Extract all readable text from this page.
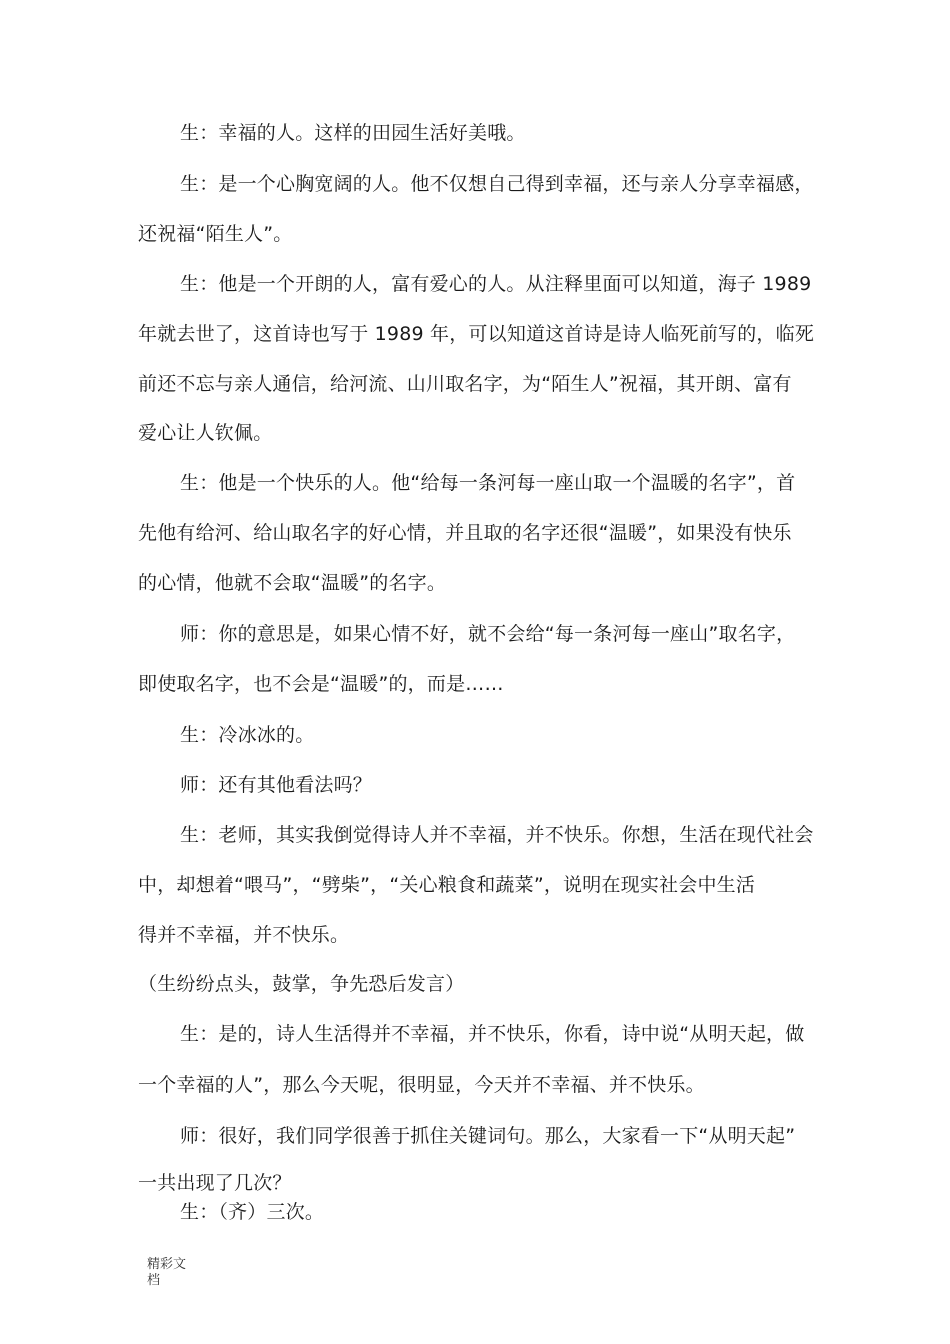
生：幸福的人。这样的田园生活好美哦。
生：是一个心胸宽阔的人。他不仅想自己得到幸福，还与亲人分享幸福感，
还祝福“陌生人”。
生：他是一个开朗的人，富有爱心的人。从注释里面可以知道，海子 1989
年就去世了，这首诗也写于 1989 年，可以知道这首诗是诗人临死前写的，临死
前还不忘与亲人通信，给河流、山川取名字，为“陌生人”祝福，其开朗、富有
爱心让人钦佩。
生：他是一个快乐的人。他“给每一条河每一座山取一个温暖的名字”，首
先他有给河、给山取名字的好心情，并且取的名字还很“温暖”，如果没有快乐
的心情，他就不会取“温暖”的名字。
师：你的意思是，如果心情不好，就不会给“每一条河每一座山”取名字，
即使取名字，也不会是“温暖”的，而是……
生：冷冰冰的。
师：还有其他看法吗？
生：老师，其实我倒觉得诗人并不幸福，并不快乐。你想，生活在现代社会
中，却想着“喂马”，“劈柴”，“关心粮食和蔬菜”，说明在现实社会中生活
得并不幸福，并不快乐。
（生纷纷点头，鼓掌，争先恐后发言）
生：是的，诗人生活得并不幸福，并不快乐，你看，诗中说“从明天起，做
一个幸福的人”，那么今天呢，很明显，今天并不幸福、并不快乐。
师：很好，我们同学很善于抓住关键词句。那么，大家看一下“从明天起”
一共出现了几次？
生：（齐）三次。
精彩文
档
